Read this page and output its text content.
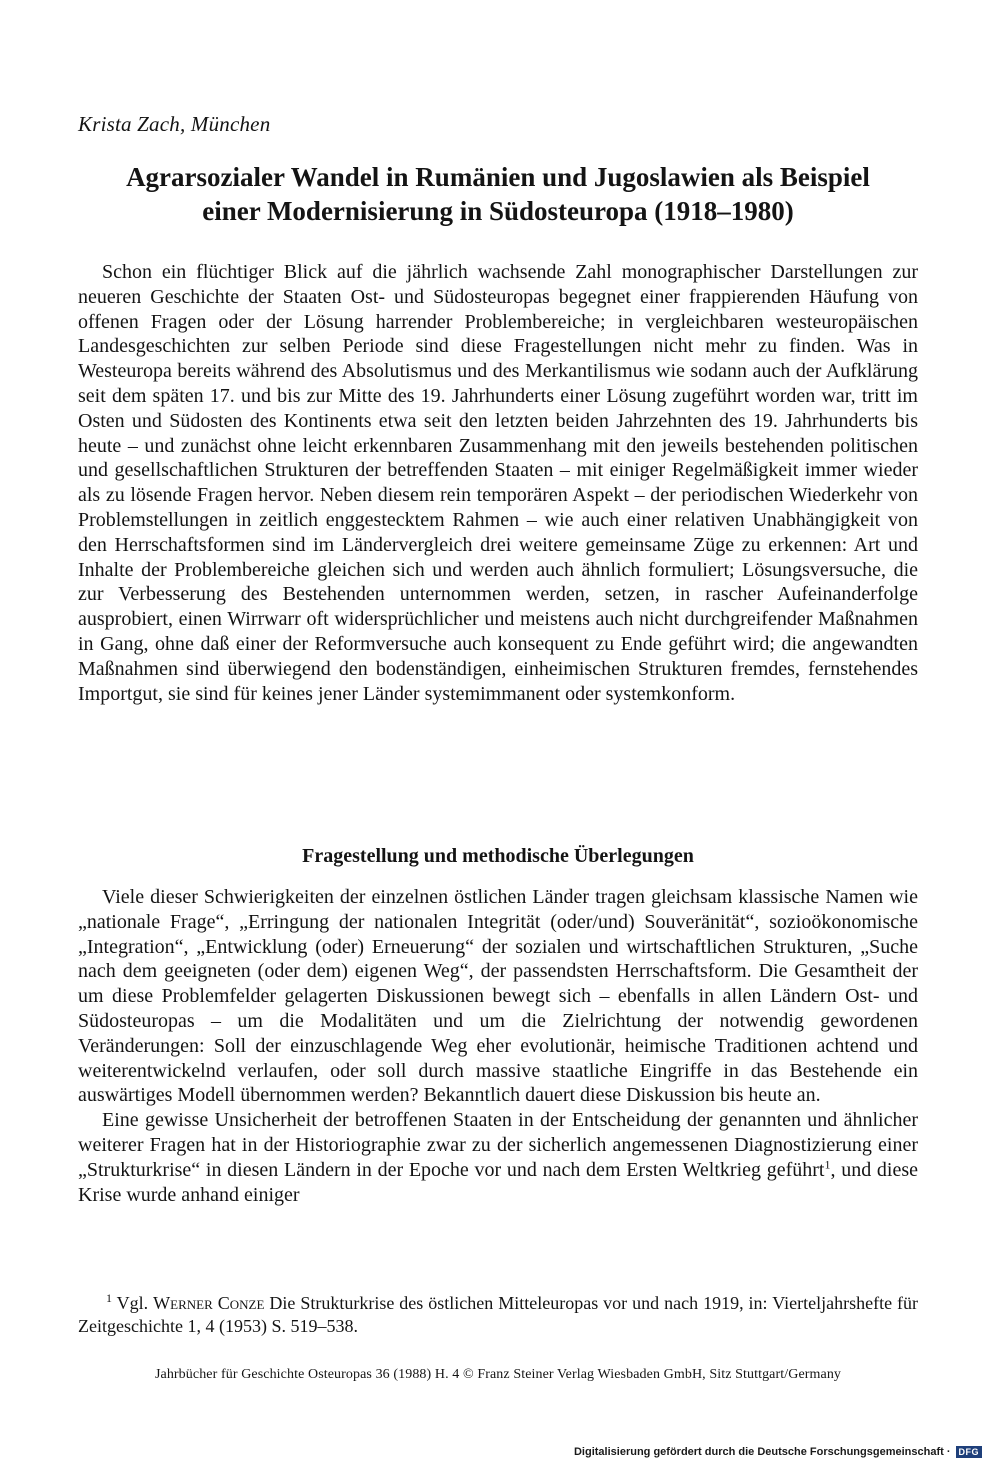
Krista Zach, München
Agrarsozialer Wandel in Rumänien und Jugoslawien als Beispiel
einer Modernisierung in Südosteuropa (1918–1980)

Schon ein flüchtiger Blick auf die jährlich wachsende Zahl monographischer Darstellungen zur neueren Geschichte der Staaten Ost- und Südosteuropas begegnet einer frappierenden Häufung von offenen Fragen oder der Lösung harrender Problembereiche; in vergleichbaren westeuropäischen Landesgeschichten zur selben Periode sind diese Fragestellungen nicht mehr zu finden. Was in Westeuropa bereits während des Absolutismus und des Merkantilismus wie sodann auch der Aufklärung seit dem späten 17. und bis zur Mitte des 19. Jahrhunderts einer Lösung zugeführt worden war, tritt im Osten und Südosten des Kontinents etwa seit den letzten beiden Jahrzehnten des 19. Jahrhunderts bis heute – und zunächst ohne leicht erkennbaren Zusammenhang mit den jeweils bestehenden politischen und gesellschaftlichen Strukturen der betreffenden Staaten – mit einiger Regelmäßigkeit immer wieder als zu lösende Fragen hervor. Neben diesem rein temporären Aspekt – der periodischen Wiederkehr von Problemstellungen in zeitlich enggestecktem Rahmen – wie auch einer relativen Unabhängigkeit von den Herrschaftsformen sind im Ländervergleich drei weitere gemeinsame Züge zu erkennen: Art und Inhalte der Problembereiche gleichen sich und werden auch ähnlich formuliert; Lösungsversuche, die zur Verbesserung des Bestehenden unternommen werden, setzen, in rascher Aufeinanderfolge ausprobiert, einen Wirrwarr oft widersprüchlicher und meistens auch nicht durchgreifender Maßnahmen in Gang, ohne daß einer der Reformversuche auch konsequent zu Ende geführt wird; die angewandten Maßnahmen sind überwiegend den bodenständigen, einheimischen Strukturen fremdes, fernstehendes Importgut, sie sind für keines jener Länder systemimmanent oder systemkonform.

Fragestellung und methodische Überlegungen

Viele dieser Schwierigkeiten der einzelnen östlichen Länder tragen gleichsam klassische Namen wie „nationale Frage“, „Erringung der nationalen Integrität (oder/und) Souveränität“, sozioökonomische „Integration“, „Entwicklung (oder) Erneuerung“ der sozialen und wirtschaftlichen Strukturen, „Suche nach dem geeigneten (oder dem) eigenen Weg“, der passendsten Herrschaftsform. Die Gesamtheit der um diese Problemfelder gelagerten Diskussionen bewegt sich – ebenfalls in allen Ländern Ost- und Südosteuropas – um die Modalitäten und um die Zielrichtung der notwendig gewordenen Veränderungen: Soll der einzuschlagende Weg eher evolutionär, heimische Traditionen achtend und weiterentwickelnd verlaufen, oder soll durch massive staatliche Eingriffe in das Bestehende ein auswärtiges Modell übernommen werden? Bekanntlich dauert diese Diskussion bis heute an.

Eine gewisse Unsicherheit der betroffenen Staaten in der Entscheidung der genannten und ähnlicher weiterer Fragen hat in der Historiographie zwar zu der sicherlich angemessenen Diagnostizierung einer „Strukturkrise“ in diesen Ländern in der Epoche vor und nach dem Ersten Weltkrieg geführt$^1$, und diese Krise wurde anhand einiger

$^1$ Vgl. Werner Conze Die Strukturkrise des östlichen Mitteleuropas vor und nach 1919, in: Vierteljahrshefte für Zeitgeschichte 1, 4 (1953) S. 519–538.

Jahrbücher für Geschichte Osteuropas 36 (1988) H. 4 © Franz Steiner Verlag Wiesbaden GmbH, Sitz Stuttgart/Germany
Digitalisierung gefördert durch die Deutsche Forschungsgemeinschaft · DFG
